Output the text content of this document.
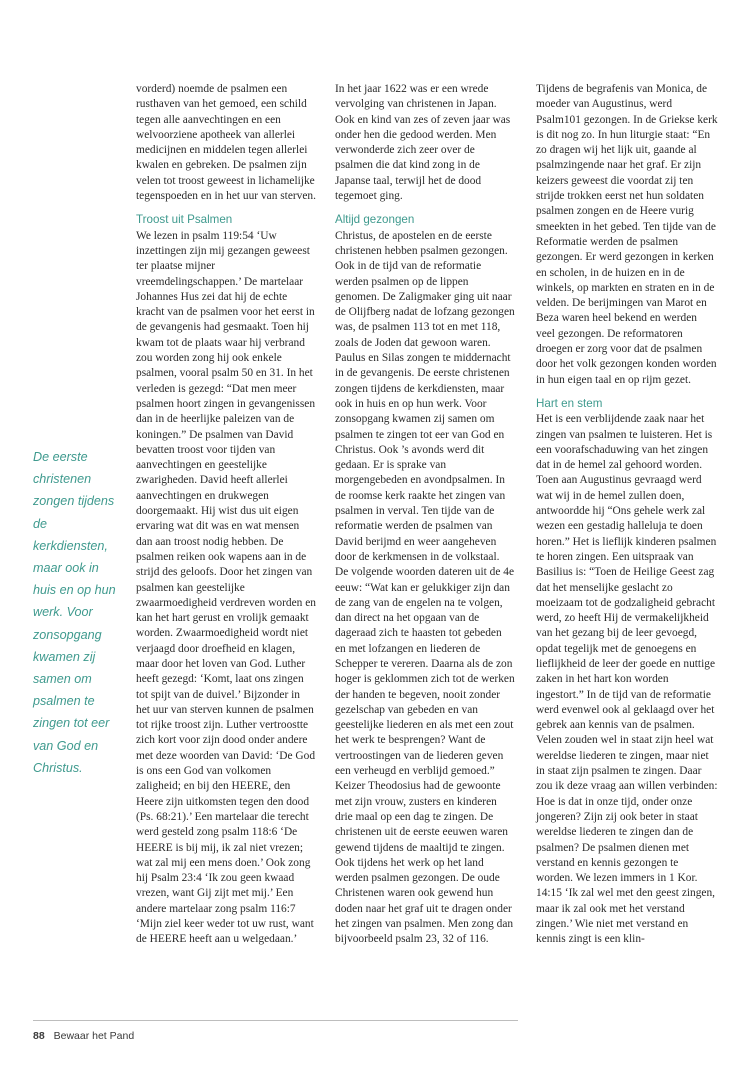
vorderd) noemde de psalmen een rusthaven van het gemoed, een schild tegen alle aanvechtingen en een welvoorziene apotheek van allerlei medicijnen en middelen tegen allerlei kwalen en gebreken. De psalmen zijn velen tot troost geweest in lichamelijke tegenspoeden en in het uur van sterven.

Troost uit Psalmen

We lezen in psalm 119:54 ‘Uw inzettingen zijn mij gezangen geweest ter plaatse mijner vreemdelingschappen.’ De martelaar Johannes Hus zei dat hij de echte kracht van de psalmen voor het eerst in de gevangenis had gesmaakt. Toen hij kwam tot de plaats waar hij verbrand zou worden zong hij ook enkele psalmen, vooral psalm 50 en 31. In het verleden is gezegd: “Dat men meer psalmen hoort zingen in gevangenissen dan in de heerlijke paleizen van de koningen.” De psalmen van David bevatten troost voor tijden van aanvechtingen en geestelijke zwarigheden. David heeft allerlei aanvechtingen en drukwegen doorgemaakt. Hij wist dus uit eigen ervaring wat dit was en wat mensen dan aan troost nodig hebben. De psalmen reiken ook wapens aan in de strijd des geloofs. Door het zingen van psalmen kan geestelijke zwaarmoedigheid verdreven worden en kan het hart gerust en vrolijk gemaakt worden. Zwaarmoedigheid wordt niet verjaagd door droefheid en klagen, maar door het loven van God. Luther heeft gezegd: ‘Komt, laat ons zingen tot spijt van de duivel.’ Bijzonder in het uur van sterven kunnen de psalmen tot rijke troost zijn. Luther vertroostte zich kort voor zijn dood onder andere met deze woorden van David: ‘De God is ons een God van volkomen zaligheid; en bij den HEERE, den Heere zijn uitkomsten tegen den dood (Ps. 68:21).’ Een martelaar die terecht werd gesteld zong psalm 118:6 ‘De HEERE is bij mij, ik zal niet vrezen; wat zal mij een mens doen.’ Ook zong hij Psalm 23:4 ‘Ik zou geen kwaad vrezen, want Gij zijt met mij.’ Een andere martelaar zong psalm 116:7 ‘Mijn ziel keer weder tot uw rust, want de HEERE heeft aan u welgedaan.’

In het jaar 1622 was er een wrede vervolging van christenen in Japan. Ook en kind van zes of zeven jaar was onder hen die gedood werden. Men verwonderde zich zeer over de psalmen die dat kind zong in de Japanse taal, terwijl het de dood tegemoet ging.

Altijd gezongen

Christus, de apostelen en de eerste christenen hebben psalmen gezongen. Ook in de tijd van de reformatie werden psalmen op de lippen genomen. De Zaligmaker ging uit naar de Olijfberg nadat de lofzang gezongen was, de psalmen 113 tot en met 118, zoals de Joden dat gewoon waren. Paulus en Silas zongen te middernacht in de gevangenis. De eerste christenen zongen tijdens de kerkdiensten, maar ook in huis en op hun werk. Voor zonsopgang kwamen zij samen om psalmen te zingen tot eer van God en Christus. Ook ’s avonds werd dit gedaan. Er is sprake van morgengebeden en avondpsalmen. In de roomse kerk raakte het zingen van psalmen in verval. Ten tijde van de reformatie werden de psalmen van David berijmd en weer aangeheven door de kerkmensen in de volkstaal. De volgende woorden dateren uit de 4e eeuw: “Wat kan er gelukkiger zijn dan de zang van de engelen na te volgen, dan direct na het opgaan van de dageraad zich te haasten tot gebeden en met lofzangen en liederen de Schepper te vereren. Daarna als de zon hoger is geklommen zich tot de werken der handen te begeven, nooit zonder gezelschap van gebeden en van geestelijke liederen en als met een zout het werk te besprengen? Want de vertroostingen van de liederen geven een verheugd en verblijd gemoed.” Keizer Theodosius had de gewoonte met zijn vrouw, zusters en kinderen drie maal op een dag te zingen. De christenen uit de eerste eeuwen waren gewend tijdens de maaltijd te zingen. Ook tijdens het werk op het land werden psalmen gezongen. De oude Christenen waren ook gewend hun doden naar het graf uit te dragen onder het zingen van psalmen. Men zong dan bijvoorbeeld psalm 23, 32 of 116.

Tijdens de begrafenis van Monica, de moeder van Augustinus, werd Psalm101 gezongen. In de Griekse kerk is dit nog zo. In hun liturgie staat: “En zo dragen wij het lijk uit, gaande al psalmzingende naar het graf. Er zijn keizers geweest die voordat zij ten strijde trokken eerst net hun soldaten psalmen zongen en de Heere vurig smeekten in het gebed. Ten tijde van de Reformatie werden de psalmen gezongen. Er werd gezongen in kerken en scholen, in de huizen en in de winkels, op markten en straten en in de velden. De berijmingen van Marot en Beza waren heel bekend en werden veel gezongen. De reformatoren droegen er zorg voor dat de psalmen door het volk gezongen konden worden in hun eigen taal en op rijm gezet.

Hart en stem

Het is een verblijdende zaak naar het zingen van psalmen te luisteren. Het is een voorafschaduwing van het zingen dat in de hemel zal gehoord worden. Toen aan Augustinus gevraagd werd wat wij in de hemel zullen doen, antwoordde hij “Ons gehele werk zal wezen een gestadig halleluja te doen horen.” Het is lieflijk kinderen psalmen te horen zingen. Een uitspraak van Basilius is: “Toen de Heilige Geest zag dat het menselijke geslacht zo moeizaam tot de godzaligheid gebracht werd, zo heeft Hij de vermakelijkheid van het gezang bij de leer gevoegd, opdat tegelijk met de genoegens en lieflijkheid de leer der goede en nuttige zaken in het hart kon worden ingestort.” In de tijd van de reformatie werd evenwel ook al geklaagd over het gebrek aan kennis van de psalmen. Velen zouden wel in staat zijn heel wat wereldse liederen te zingen, maar niet in staat zijn psalmen te zingen. Daar zou ik deze vraag aan willen verbinden: Hoe is dat in onze tijd, onder onze jongeren? Zijn zij ook beter in staat wereldse liederen te zingen dan de psalmen? De psalmen dienen met verstand en kennis gezongen te worden. We lezen immers in 1 Kor. 14:15 ‘Ik zal wel met den geest zingen, maar ik zal ook met het verstand zingen.’ Wie niet met verstand en kennis zingt is een klin-

De eerste christenen zongen tijdens de kerkdiensten, maar ook in huis en op hun werk. Voor zonsopgang kwamen zij samen om psalmen te zingen tot eer van God en Christus.
88 Bewaar het Pand
